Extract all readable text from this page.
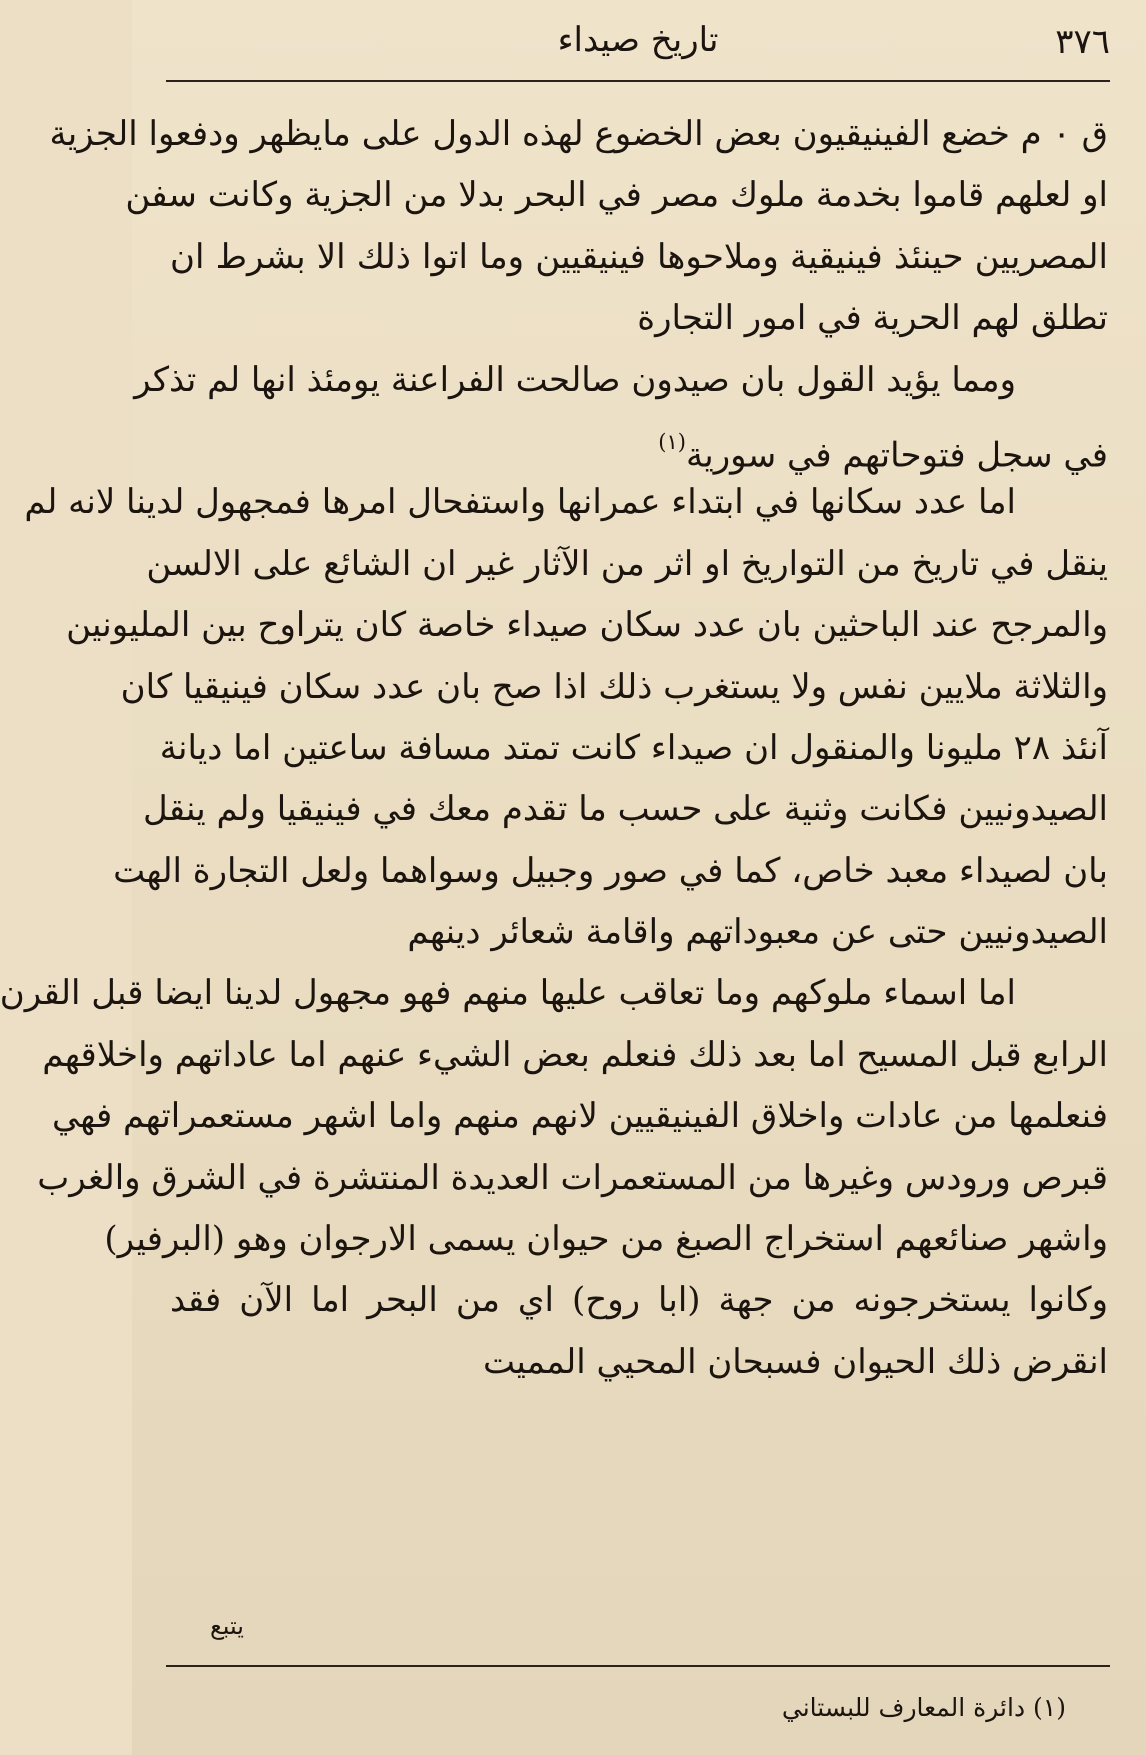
٣٧٦
تاريخ صيداء
ق ٠ م خضع الفينيقيون بعض الخضوع لهذه الدول على مايظهر ودفعوا الجزية
او لعلهم قاموا بخدمة ملوك مصر في البحر بدلا من الجزية وكانت سفن
المصريين حينئذ فينيقية وملاحوها فينيقيين وما اتوا ذلك الا بشرط ان
تطلق لهم الحرية في امور التجارة
ومما يؤيد القول بان صيدون صالحت الفراعنة يومئذ انها لم تذكر
في سجل فتوحاتهم في سورية$^{(١)}$
اما عدد سكانها في ابتداء عمرانها واستفحال امرها فمجهول لدينا لانه لم
ينقل في تاريخ من التواريخ او اثر من الآثار غير ان الشائع على الالسن
والمرجح عند الباحثين بان عدد سكان صيداء خاصة كان يتراوح بين المليونين
والثلاثة ملايين نفس ولا يستغرب ذلك اذا صح بان عدد سكان فينيقيا كان
آنئذ ٢٨ مليونا والمنقول ان صيداء كانت تمتد مسافة ساعتين اما ديانة
الصيدونيين فكانت وثنية على حسب ما تقدم معك في فينيقيا ولم ينقل
بان لصيداء معبد خاص، كما في صور وجبيل وسواهما ولعل التجارة الهت
الصيدونيين حتى عن معبوداتهم واقامة شعائر دينهم
اما اسماء ملوكهم وما تعاقب عليها منهم فهو مجهول لدينا ايضا قبل القرن
الرابع قبل المسيح اما بعد ذلك فنعلم بعض الشيء عنهم اما عاداتهم واخلاقهم
فنعلمها من عادات واخلاق الفينيقيين لانهم منهم واما اشهر مستعمراتهم فهي
قبرص ورودس وغيرها من المستعمرات العديدة المنتشرة في الشرق والغرب
واشهر صنائعهم استخراج الصبغ من حيوان يسمى الارجوان وهو (البرفير)
وكانوا يستخرجونه من جهة (ابا روح) اي من البحر اما الآن فقد
انقرض ذلك الحيوان فسبحان المحيي المميت
يتبع
(١) دائرة المعارف للبستاني
